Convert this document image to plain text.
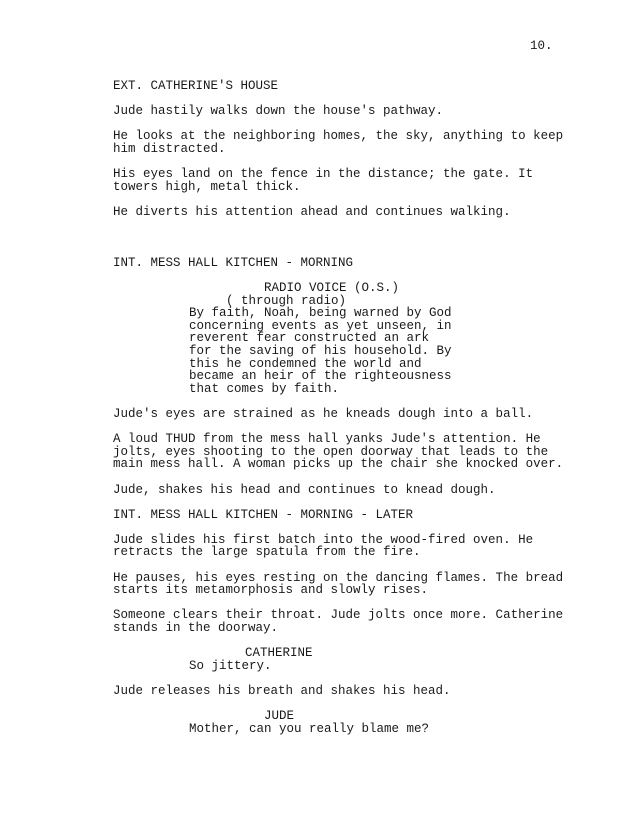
10.
EXT. CATHERINE'S HOUSE
Jude hastily walks down the house's pathway.
He looks at the neighboring homes, the sky, anything to keep
him distracted.
His eyes land on the fence in the distance; the gate. It
towers high, metal thick.
He diverts his attention ahead and continues walking.
INT. MESS HALL KITCHEN - MORNING
RADIO VOICE (O.S.)
( through radio)
By faith, Noah, being warned by God
concerning events as yet unseen, in
reverent fear constructed an ark
for the saving of his household. By
this he condemned the world and
became an heir of the righteousness
that comes by faith.
Jude's eyes are strained as he kneads dough into a ball.
A loud THUD from the mess hall yanks Jude's attention. He
jolts, eyes shooting to the open doorway that leads to the
main mess hall. A woman picks up the chair she knocked over.
Jude, shakes his head and continues to knead dough.
INT. MESS HALL KITCHEN - MORNING - LATER
Jude slides his first batch into the wood-fired oven. He
retracts the large spatula from the fire.
He pauses, his eyes resting on the dancing flames. The bread
starts its metamorphosis and slowly rises.
Someone clears their throat. Jude jolts once more. Catherine
stands in the doorway.
CATHERINE
So jittery.
Jude releases his breath and shakes his head.
JUDE
Mother, can you really blame me?
